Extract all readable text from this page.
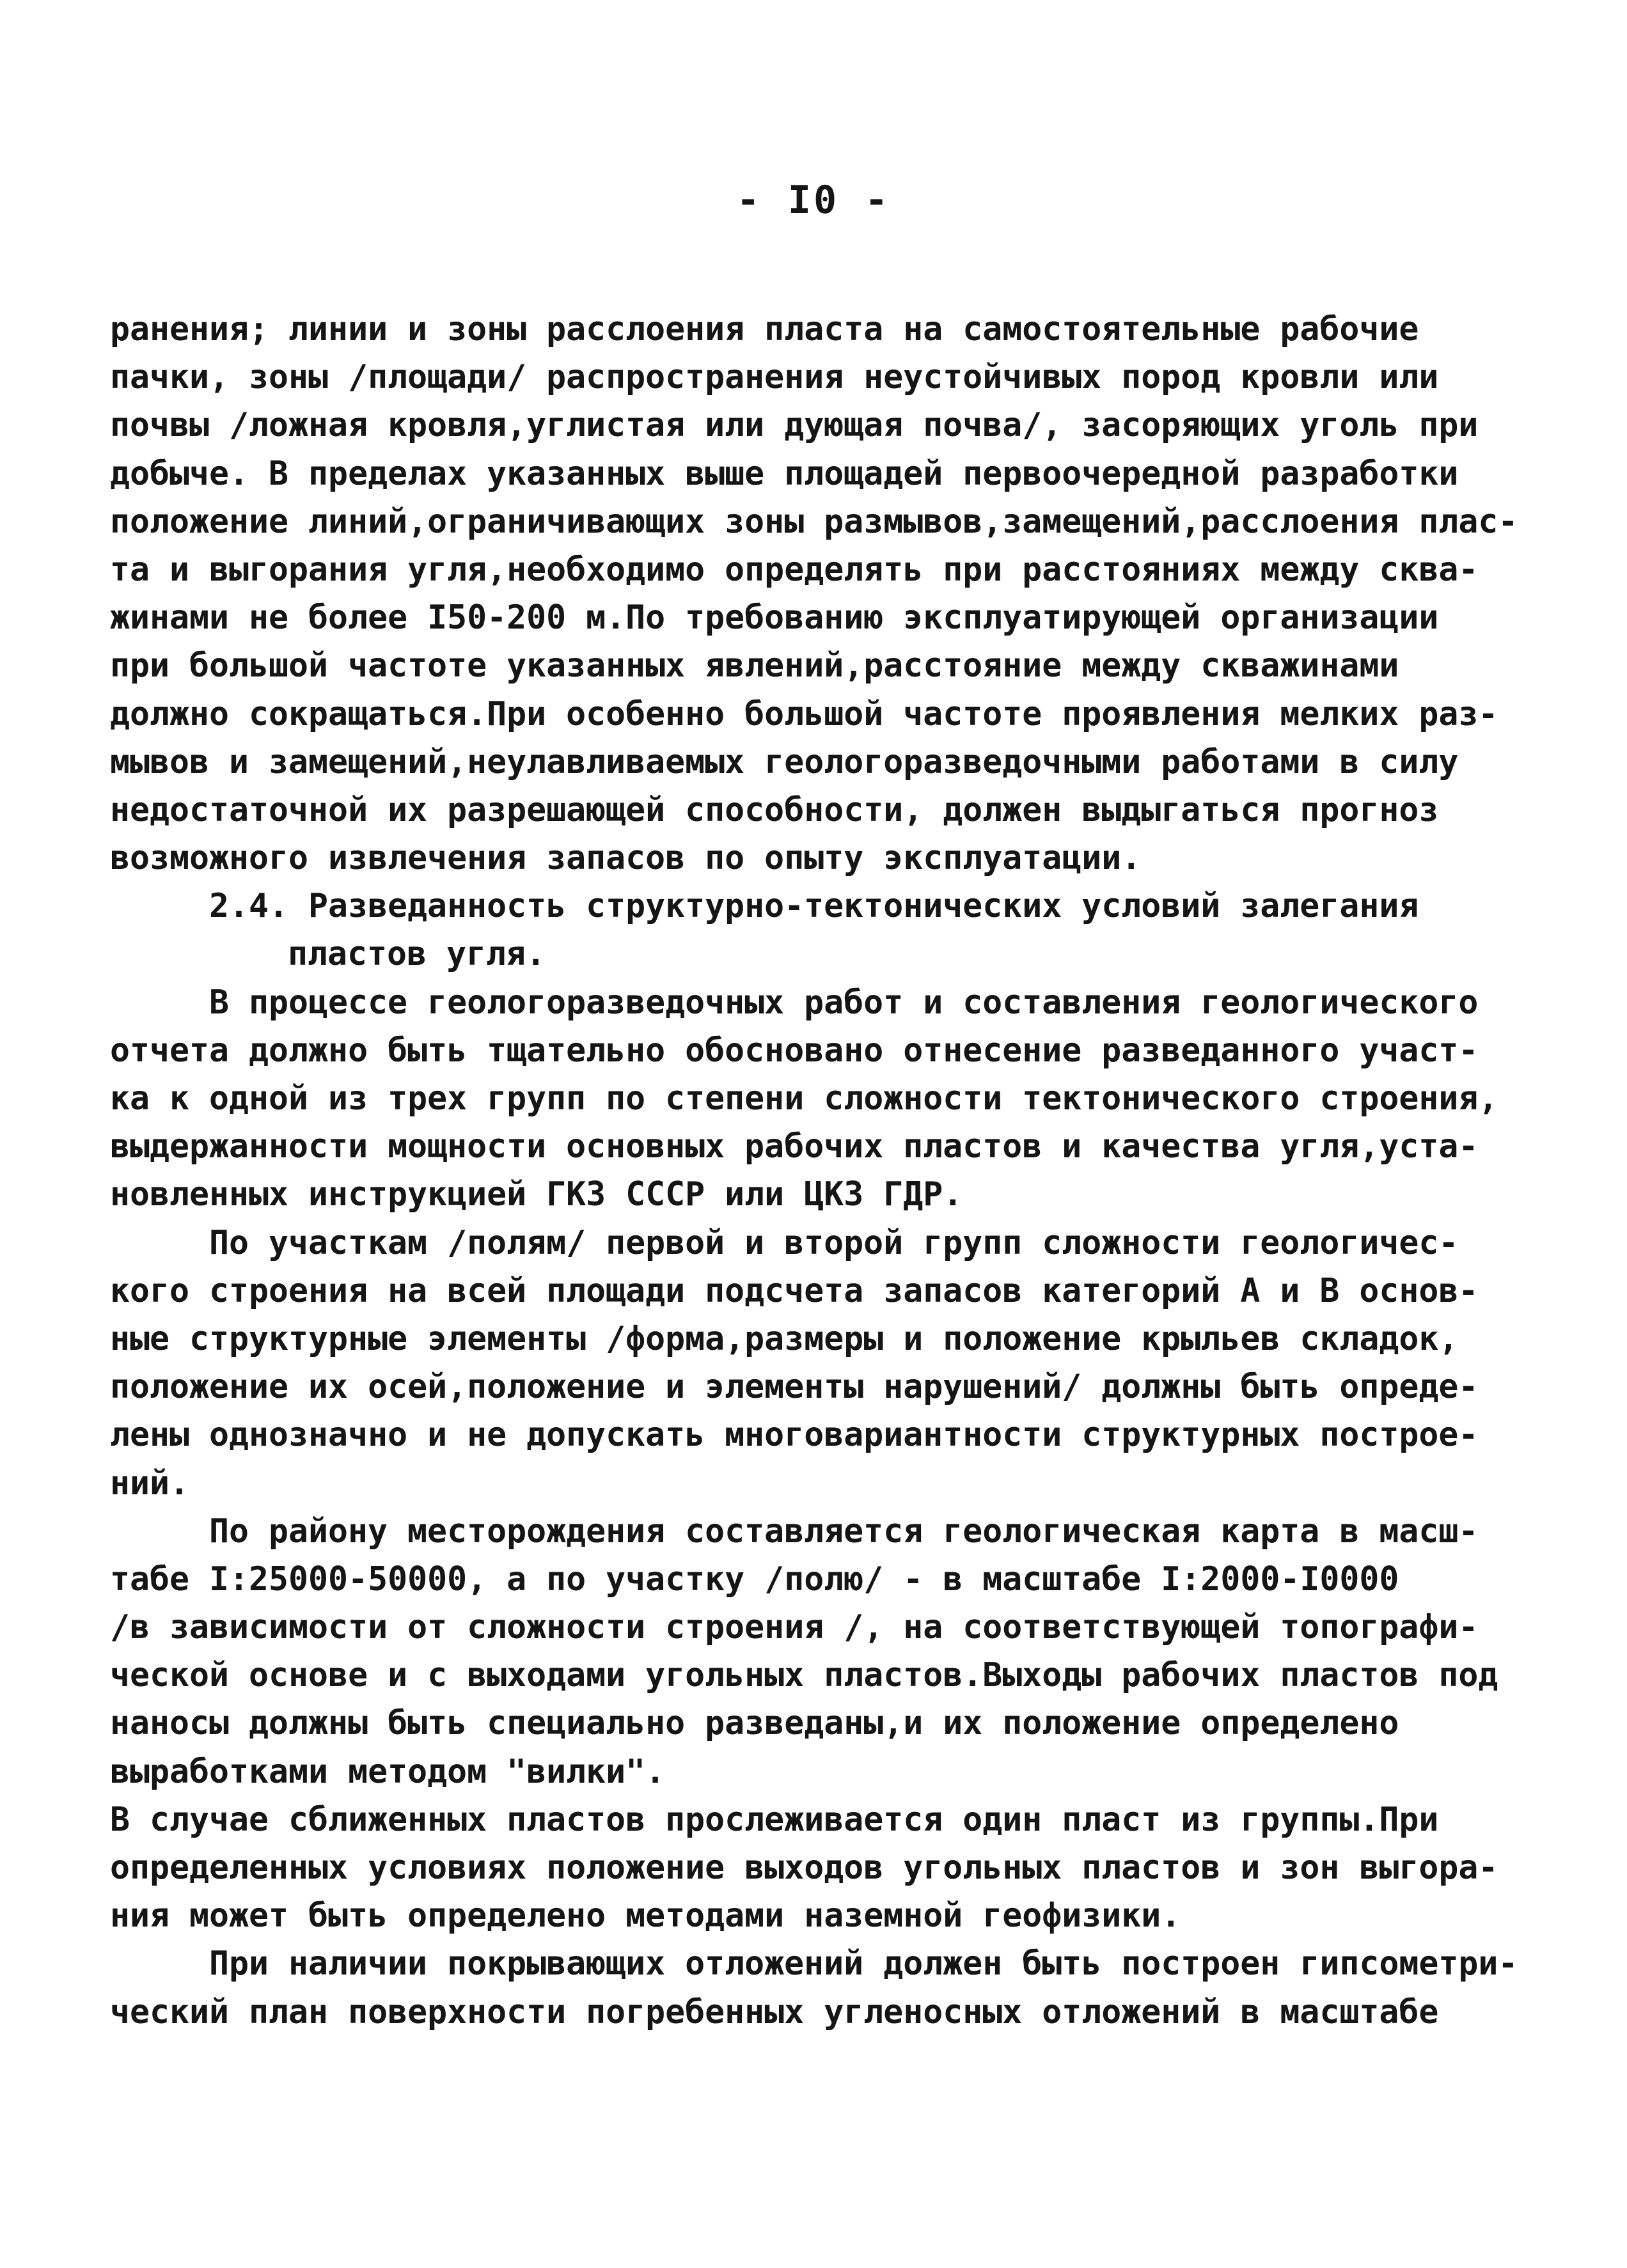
- I0 -
ранения; линии и зоны расслоения пласта на самостоятельные рабочие
пачки, зоны /площади/ распространения неустойчивых пород кровли или
почвы /ложная кровля,углистая или дующая почва/, засоряющих уголь при
добыче. В пределах указанных выше площадей первоочередной разработки
положение линий,ограничивающих зоны размывов,замещений,расслоения плас-
та и выгорания угля,необходимо определять при расстояниях между сква-
жинами не более I50-200 м.По требованию эксплуатирующей организации
при большой частоте указанных явлений,расстояние между скважинами
должно сокращаться.При особенно большой частоте проявления мелких раз-
мывов и замещений,неулавливаемых геологоразведочными работами в силу
недостаточной их разрешающей способности, должен выдыгаться прогноз
возможного извлечения запасов по опыту эксплуатации.
2.4. Разведанность структурно-тектонических условий залегания
пластов угля.
В процессе геологоразведочных работ и составления геологического
отчета должно быть тщательно обосновано отнесение разведанного участ-
ка к одной из трех групп по степени сложности тектонического строения,
выдержанности мощности основных рабочих пластов и качества угля,уста-
новленных инструкцией ГКЗ СССР или ЦКЗ ГДР.
По участкам /полям/ первой и второй групп сложности геологичес-
кого строения на всей площади подсчета запасов категорий А и В основ-
ные структурные элементы /форма,размеры и положение крыльев складок,
положение их осей,положение и элементы нарушений/ должны быть опреде-
лены однозначно и не допускать многовариантности структурных построе-
ний.
По району месторождения составляется геологическая карта в масш-
табе I:25000-50000, а по участку /полю/ - в масштабе I:2000-I0000
/в зависимости от сложности строения /, на соответствующей топографи-
ческой основе и с выходами угольных пластов.Выходы рабочих пластов под
наносы должны быть специально разведаны,и их положение определено
выработками методом "вилки".
В случае сближенных пластов прослеживается один пласт из группы.При
определенных условиях положение выходов угольных пластов и зон выгора-
ния может быть определено методами наземной геофизики.
При наличии покрывающих отложений должен быть построен гипсометри-
ческий план поверхности погребенных угленосных отложений в масштабе
